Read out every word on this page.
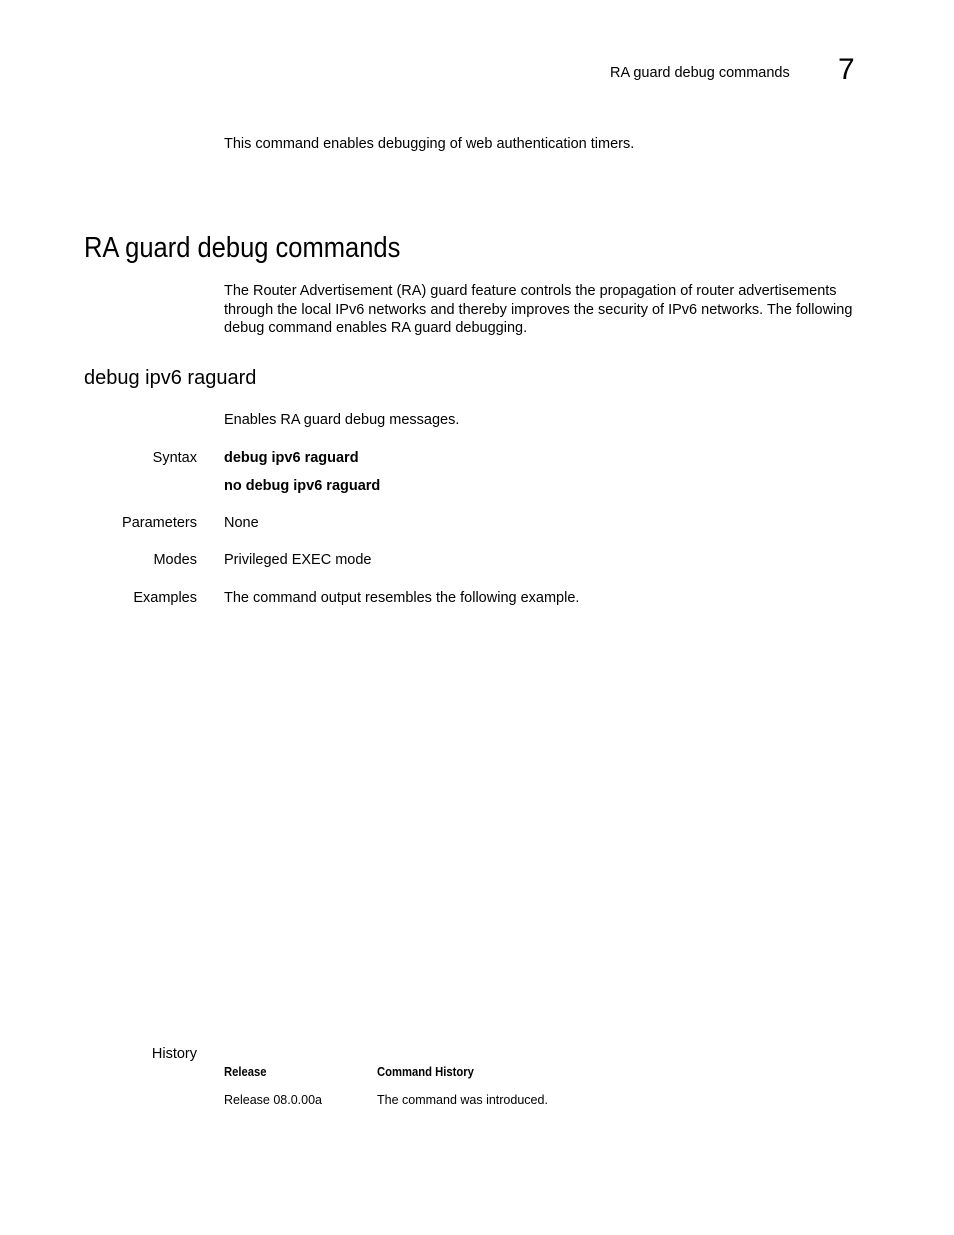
RA guard debug commands 7
This command enables debugging of web authentication timers.
RA guard debug commands

The Router Advertisement (RA) guard feature controls the propagation of router advertisements

through the local IPv6 networks and thereby improves the security of IPv6 networks. The following

debug command enables RA guard debugging.

debug ipv6 raguard
Enables RA guard debug messages.
Syntax debug ipv6 raguard
no debug ipv6 raguard
Parameters None
Modes Privileged EXEC mode
Examples The command output resembles the following example.
History
Release	Command History
Release 08.0.00a	The command was introduced.
